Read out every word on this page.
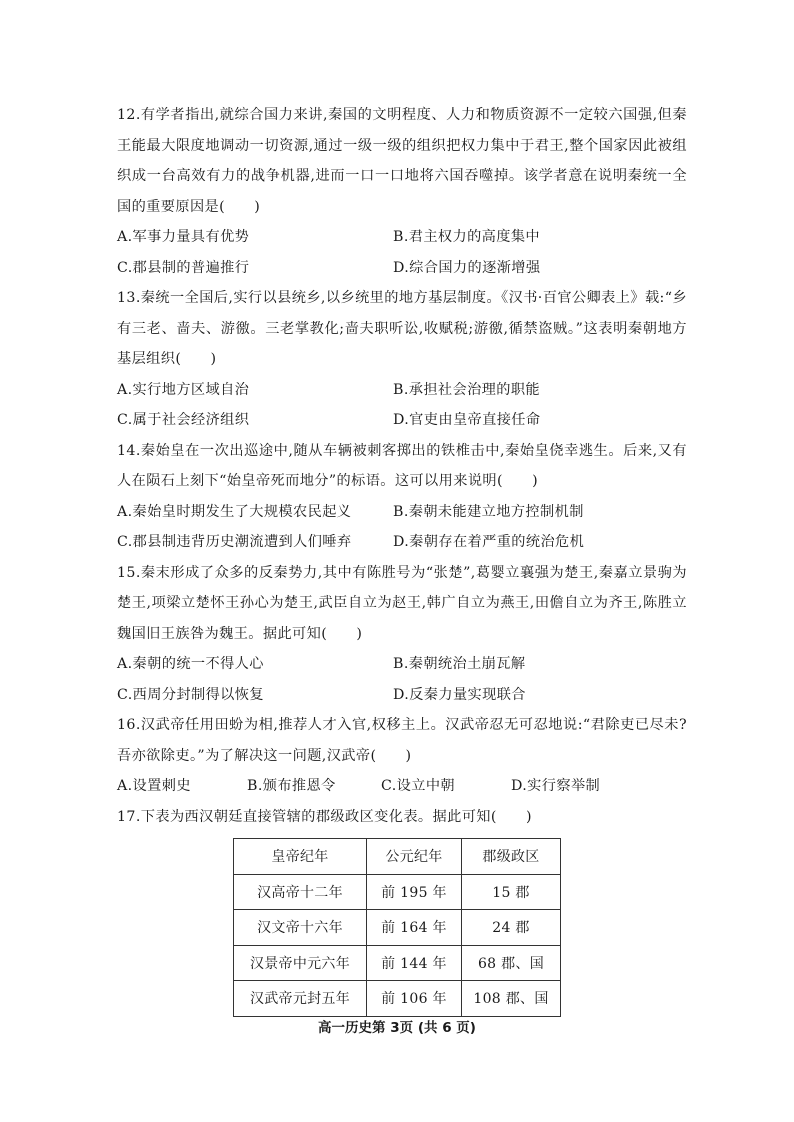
12.有学者指出,就综合国力来讲,秦国的文明程度、人力和物质资源不一定较六国强,但秦王能最大限度地调动一切资源,通过一级一级的组织把权力集中于君王,整个国家因此被组织成一台高效有力的战争机器,进而一口一口地将六国吞噬掉。该学者意在说明秦统一全国的重要原因是(　　)

A.军事力量具有优势	B.君主权力的高度集中
C.郡县制的普遍推行	D.综合国力的逐渐增强

13.秦统一全国后,实行以县统乡,以乡统里的地方基层制度。《汉书·百官公卿表上》载:“乡有三老、啬夫、游徼。三老掌教化;啬夫职听讼,收赋税;游徼,循禁盗贼。”这表明秦朝地方基层组织(　　)

A.实行地方区域自治	B.承担社会治理的职能
C.属于社会经济组织	D.官吏由皇帝直接任命

14.秦始皇在一次出巡途中,随从车辆被刺客掷出的铁椎击中,秦始皇侥幸逃生。后来,又有人在陨石上刻下“始皇帝死而地分”的标语。这可以用来说明(　　)

A.秦始皇时期发生了大规模农民起义	B.秦朝未能建立地方控制机制
C.郡县制违背历史潮流遭到人们唾弃	D.秦朝存在着严重的统治危机

15.秦末形成了众多的反秦势力,其中有陈胜号为“张楚”,葛婴立襄强为楚王,秦嘉立景驹为楚王,项梁立楚怀王孙心为楚王,武臣自立为赵王,韩广自立为燕王,田儋自立为齐王,陈胜立魏国旧王族咎为魏王。据此可知(　　)

A.秦朝的统一不得人心	B.秦朝统治土崩瓦解
C.西周分封制得以恢复	D.反秦力量实现联合

16.汉武帝任用田蚡为相,推荐人才入官,权移主上。汉武帝忍无可忍地说:“君除吏已尽未?吾亦欲除吏。”为了解决这一问题,汉武帝(　　)

A.设置刺史	B.颁布推恩令	C.设立中朝	D.实行察举制

17.下表为西汉朝廷直接管辖的郡级政区变化表。据此可知(　　)

皇帝纪年	公元纪年	郡级政区
汉高帝十二年	前 195 年	15 郡
汉文帝十六年	前 164 年	24 郡
汉景帝中元六年	前 144 年	68 郡、国
汉武帝元封五年	前 106 年	108 郡、国
高一历史第 3页 (共 6 页)
